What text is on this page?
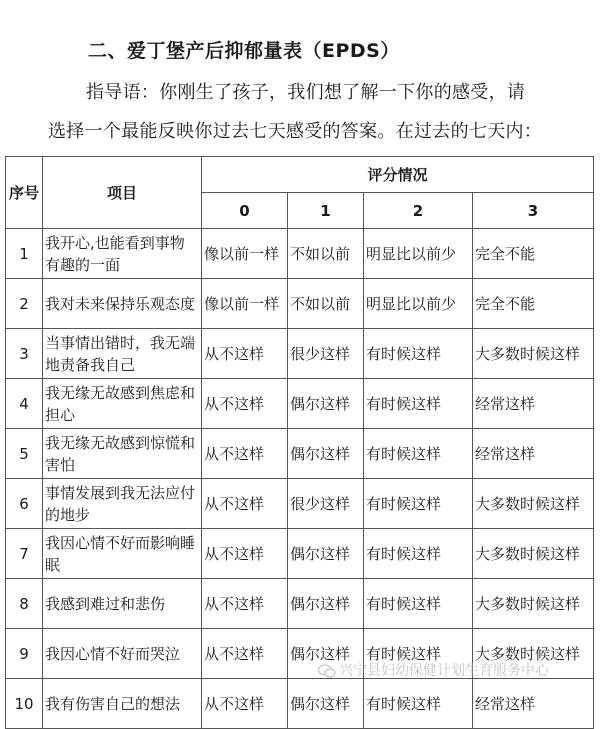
二、爱丁堡产后抑郁量表（EPDS）
指导语：你刚生了孩子，我们想了解一下你的感受，请
选择一个最能反映你过去七天感受的答案。在过去的七天内：
序号	项目	评分情况			
		0	1	2	3
1	我开心,也能看到事物有趣的一面	像以前一样	不如以前	明显比以前少	完全不能
2	我对未来保持乐观态度	像以前一样	不如以前	明显比以前少	完全不能
3	当事情出错时，我无端地责备我自己	从不这样	很少这样	有时候这样	大多数时候这样
4	我无缘无故感到焦虑和担心	从不这样	偶尔这样	有时候这样	经常这样
5	我无缘无故感到惊慌和害怕	从不这样	偶尔这样	有时候这样	经常这样
6	事情发展到我无法应付的地步	从不这样	很少这样	有时候这样	大多数时候这样
7	我因心情不好而影响睡眠	从不这样	偶尔这样	有时候这样	大多数时候这样
8	我感到难过和悲伤	从不这样	偶尔这样	有时候这样	大多数时候这样
9	我因心情不好而哭泣	从不这样	偶尔这样	有时候这样	大多数时候这样
10	我有伤害自己的想法	从不这样	偶尔这样	有时候这样	经常这样
兴宁县妇幼保健计划生育服务中心
